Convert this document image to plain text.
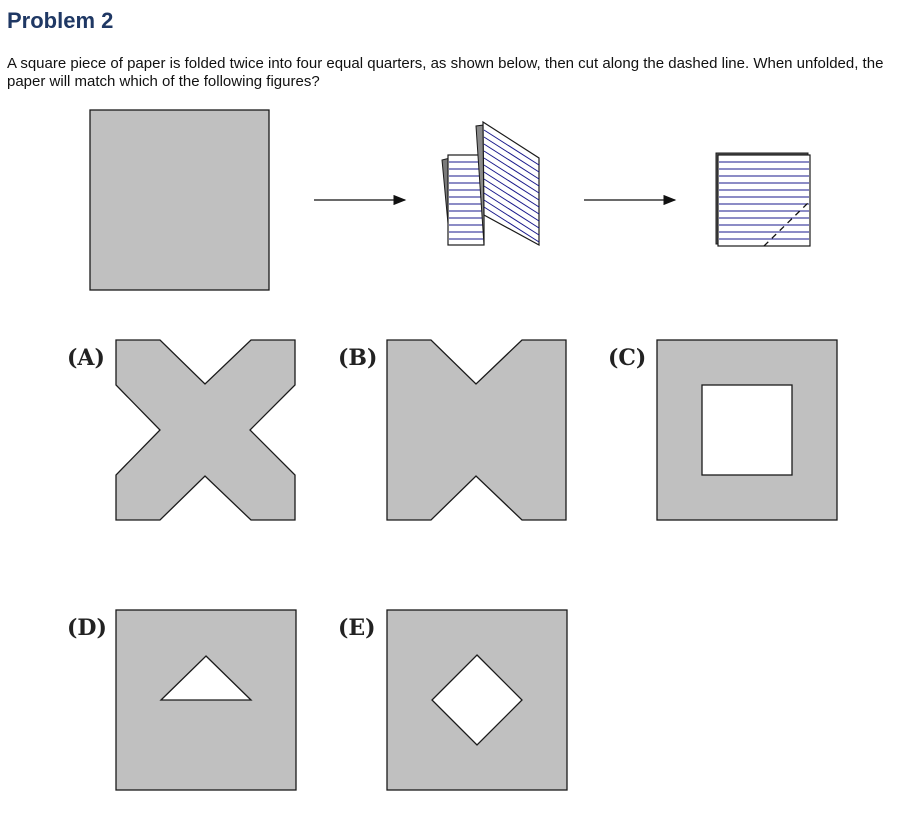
Problem 2

A square piece of paper is folded twice into four equal quarters, as shown below, then cut along the dashed line. When unfolded, the paper will match which of the following figures?

(A)	(B)	(C)
(D)	(E)
